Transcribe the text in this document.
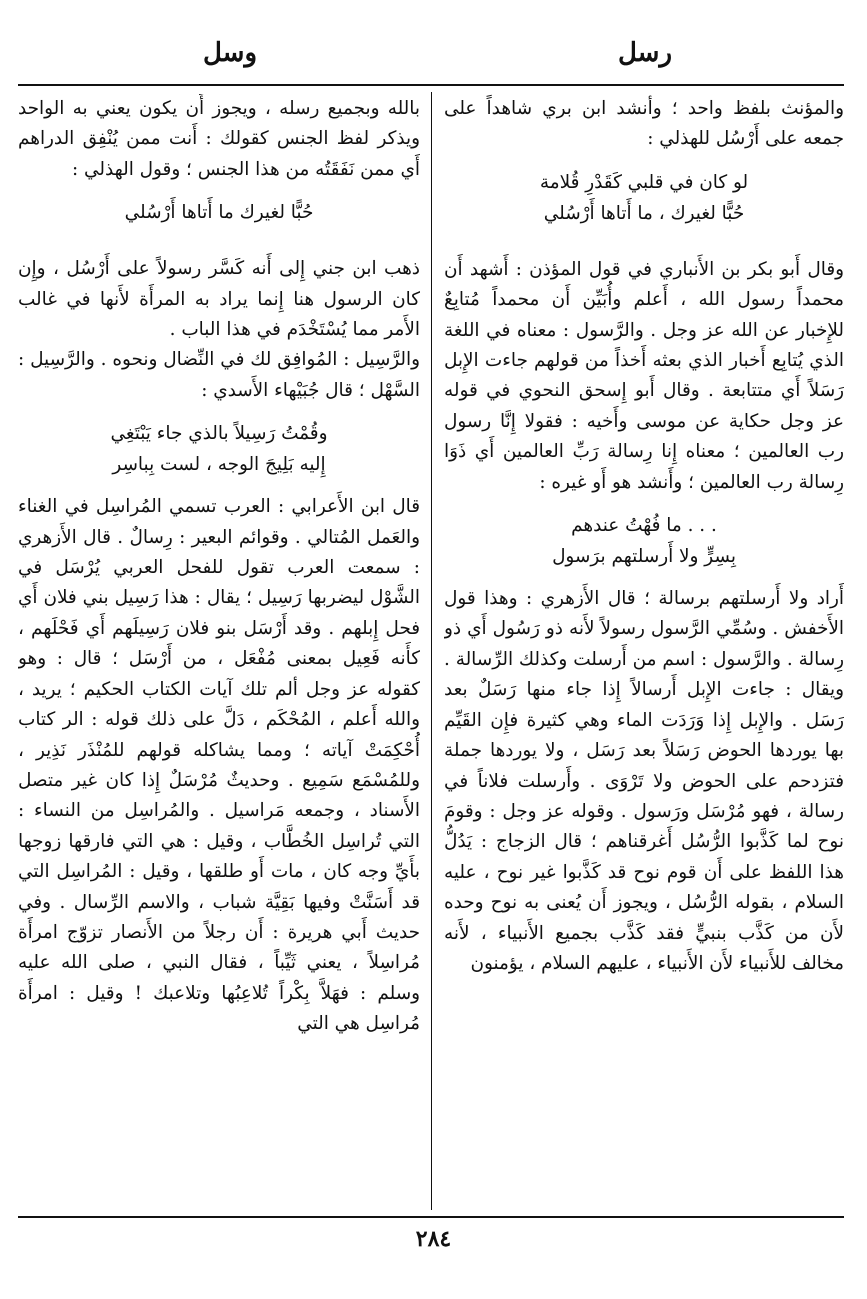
رسل
وسل

والمؤنث بلفظ واحد ؛ وأنشد ابن بري شاهداً على جمعه على أَرْسُل للهذلي :

لو كان في قلبي كَقَدْرِ قُلامة
حُبًّا لغيرك ، ما أَتاها أَرْسُلي

وقال أَبو بكر بن الأَنباري في قول المؤذن : أَشهد أَن محمداً رسول الله ، أَعلم وأُبَيِّن أَن محمداً مُتابِعٌ للإِخبار عن الله عز وجل . والرَّسول : معناه في اللغة الذي يُتابِع أَخبار الذي بعثه أَخذاً من قولهم جاءت الإِبل رَسَلاً أَي متتابعة . وقال أَبو إِسحق النحوي في قوله عز وجل حكاية عن موسى وأَخيه : فقولا إِنَّا رسول رب العالمين ؛ معناه إِنا رِسالة رَبِّ العالمين أَي ذَوَا رِسالة رب العالمين ؛ وأَنشد هو أَو غيره :

. . . ما فُهْتُ عندهم
بِسِرٍّ ولا أَرسلتهم برَسول

أَراد ولا أَرسلتهم برسالة ؛ قال الأَزهري : وهذا قول الأَخفش . وسُمِّي الرَّسول رسولاً لأَنه ذو رَسُول أَي ذو رِسالة . والرَّسول : اسم من أَرسلت وكذلك الرِّسالة . ويقال : جاءت الإِبل أَرسالاً إِذا جاء منها رَسَلٌ بعد رَسَل . والإِبل إِذا وَرَدَت الماء وهي كثيرة فإِن القَيِّم بها يوردها الحوض رَسَلاً بعد رَسَل ، ولا يوردها جملة فتزدحم على الحوض ولا تَرْوَى . وأَرسلت فلاناً في رسالة ، فهو مُرْسَل ورَسول . وقوله عز وجل : وقومَ نوح لما كَذَّبوا الرُّسُل أَغرقناهم ؛ قال الزجاج : يَدُلُّ هذا اللفظ على أَن قوم نوح قد كَذَّبوا غير نوح ، عليه السلام ، بقوله الرُّسُل ، ويجوز أَن يُعنى به نوح وحده لأَن من كَذَّب بنبيٍّ فقد كَذَّب بجميع الأَنبياء ، لأَنه مخالف للأَنبياء لأَن الأَنبياء ، عليهم السلام ، يؤمنون

بالله وبجميع رسله ، ويجوز أَن يكون يعني به الواحد ويذكر لفظ الجنس كقولك : أَنت ممن يُنْفِق الدراهم أَي ممن نَفَقَتُه من هذا الجنس ؛ وقول الهذلي :

حُبًّا لغيرك ما أَتاها أَرْسُلي

ذهب ابن جني إِلى أَنه كَسَّر رسولاً على أَرْسُل ، وإِن كان الرسول هنا إِنما يراد به المرأَة لأَنها في غالب الأَمر مما يُسْتَخْدَم في هذا الباب .

والرَّسِيل : المُوافِق لك في النِّضال ونحوه . والرَّسِيل : السَّهْل ؛ قال جُبَيْهاء الأَسدي :

وقُمْتُ رَسِيلاً بالذي جاء يَبْتَغِي
إِليه بَلِيجَ الوجه ، لست بِباسِر

قال ابن الأَعرابي : العرب تسمي المُراسِل في الغناء والعَمل المُتالي . وقوائم البعير : رِسالٌ . قال الأَزهري : سمعت العرب تقول للفحل العربي يُرْسَل في الشَّوْل ليضربها رَسِيل ؛ يقال : هذا رَسِيل بني فلان أَي فحل إِبلهم . وقد أَرْسَل بنو فلان رَسِيلَهم أَي فَحْلَهم ، كأَنه فَعِيل بمعنى مُفْعَل ، من أَرْسَل ؛ قال : وهو كقوله عز وجل ألم تلك آيات الكتاب الحكيم ؛ يريد ، والله أَعلم ، المُحْكَم ، دَلَّ على ذلك قوله : الر كتاب أُحْكِمَتْ آياته ؛ ومما يشاكله قولهم للمُنْذَر نَذِير ، وللمُسْمَع سَمِيع . وحديثٌ مُرْسَلٌ إِذا كان غير متصل الأَسناد ، وجمعه مَراسيل . والمُراسِل من النساء : التي تُراسِل الخُطَّاب ، وقيل : هي التي فارقها زوجها بأَيِّ وجه كان ، مات أَو طلقها ، وقيل : المُراسِل التي قد أَسَنَّتْ وفيها بَقِيَّة شباب ، والاسم الرِّسال . وفي حديث أَبي هريرة : أَن رجلاً من الأَنصار تزوّج امرأَة مُراسِلاً ، يعني ثَيِّباً ، فقال النبي ، صلى الله عليه وسلم : فهَلاَّ بِكْراً تُلاعِبُها وتلاعبك ! وقيل : امرأَة مُراسِل هي التي

٢٨٤
